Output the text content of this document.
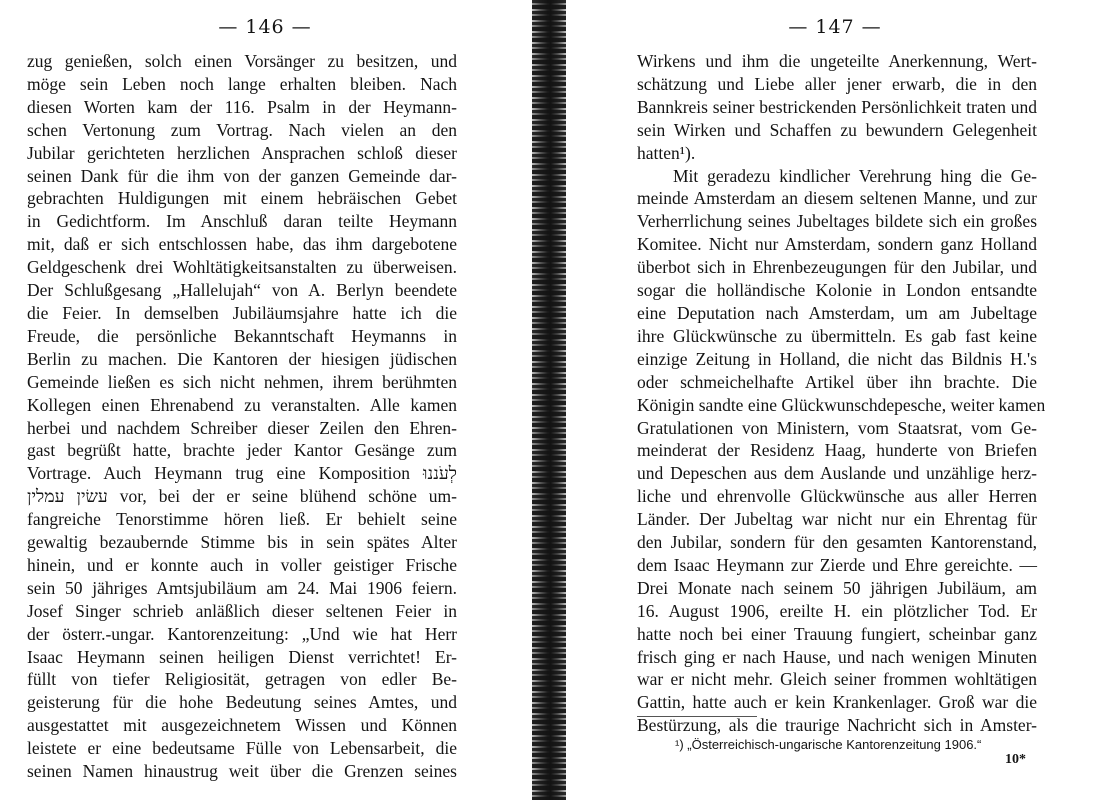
— 146 —
zug genießen, solch einen Vorsänger zu besitzen, und
möge sein Leben noch lange erhalten bleiben. Nach
diesen Worten kam der 116. Psalm in der Heymann-
schen Vertonung zum Vortrag. Nach vielen an den
Jubilar gerichteten herzlichen Ansprachen schloß dieser
seinen Dank für die ihm von der ganzen Gemeinde dar-
gebrachten Huldigungen mit einem hebräischen Gebet
in Gedichtform. Im Anschluß daran teilte Heymann
mit, daß er sich entschlossen habe, das ihm dargebotene
Geldgeschenk drei Wohltätigkeitsanstalten zu überweisen.
Der Schlußgesang „Hallelujah“ von A. Berlyn beendete
die Feier. In demselben Jubiläumsjahre hatte ich die
Freude, die persönliche Bekanntschaft Heymanns in
Berlin zu machen. Die Kantoren der hiesigen jüdischen
Gemeinde ließen es sich nicht nehmen, ihrem berühmten
Kollegen einen Ehrenabend zu veranstalten. Alle kamen
herbei und nachdem Schreiber dieser Zeilen den Ehren-
gast begrüßt hatte, brachte jeder Kantor Gesänge zum
Vortrage. Auch Heymann trug eine Komposition לְעֹננוּ
עשׂין עמלין vor, bei der er seine blühend schöne um-
fangreiche Tenorstimme hören ließ. Er behielt seine
gewaltig bezaubernde Stimme bis in sein spätes Alter
hinein, und er konnte auch in voller geistiger Frische
sein 50 jähriges Amtsjubiläum am 24. Mai 1906 feiern.
Josef Singer schrieb anläßlich dieser seltenen Feier in
der österr.-ungar. Kantorenzeitung: „Und wie hat Herr
Isaac Heymann seinen heiligen Dienst verrichtet! Er-
füllt von tiefer Religiosität, getragen von edler Be-
geisterung für die hohe Bedeutung seines Amtes, und
ausgestattet mit ausgezeichnetem Wissen und Können
leistete er eine bedeutsame Fülle von Lebensarbeit, die
seinen Namen hinaustrug weit über die Grenzen seines
— 147 —
Wirkens und ihm die ungeteilte Anerkennung, Wert-
schätzung und Liebe aller jener erwarb, die in den
Bannkreis seiner bestrickenden Persönlichkeit traten und
sein Wirken und Schaffen zu bewundern Gelegenheit
hatten¹).
Mit geradezu kindlicher Verehrung hing die Ge-
meinde Amsterdam an diesem seltenen Manne, und zur
Verherrlichung seines Jubeltages bildete sich ein großes
Komitee. Nicht nur Amsterdam, sondern ganz Holland
überbot sich in Ehrenbezeugungen für den Jubilar, und
sogar die holländische Kolonie in London entsandte
eine Deputation nach Amsterdam, um am Jubeltage
ihre Glückwünsche zu übermitteln. Es gab fast keine
einzige Zeitung in Holland, die nicht das Bildnis H.'s
oder schmeichelhafte Artikel über ihn brachte. Die
Königin sandte eine Glückwunschdepesche, weiter kamen
Gratulationen von Ministern, vom Staatsrat, vom Ge-
meinderat der Residenz Haag, hunderte von Briefen
und Depeschen aus dem Auslande und unzählige herz-
liche und ehrenvolle Glückwünsche aus aller Herren
Länder. Der Jubeltag war nicht nur ein Ehrentag für
den Jubilar, sondern für den gesamten Kantorenstand,
dem Isaac Heymann zur Zierde und Ehre gereichte. —
Drei Monate nach seinem 50 jährigen Jubiläum, am
16. August 1906, ereilte H. ein plötzlicher Tod. Er
hatte noch bei einer Trauung fungiert, scheinbar ganz
frisch ging er nach Hause, und nach wenigen Minuten
war er nicht mehr. Gleich seiner frommen wohltätigen
Gattin, hatte auch er kein Krankenlager. Groß war die
Bestürzung, als die traurige Nachricht sich in Amster-
¹) „Österreichisch-ungarische Kantorenzeitung 1906.“
10*
